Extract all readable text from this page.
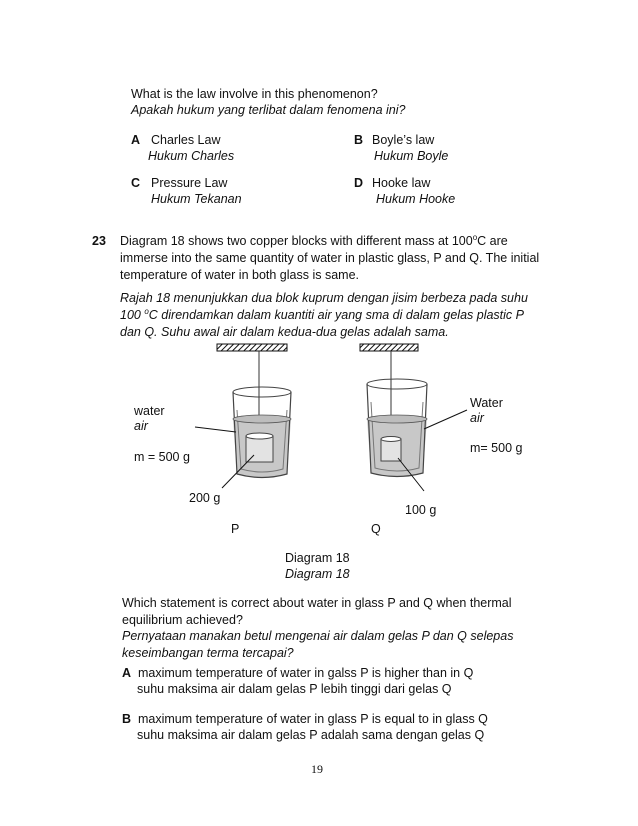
What is the law involve in this phenomenon?
Apakah hukum yang terlibat dalam fenomena ini?
A Charles Law
Hukum Charles
B Boyle’s law
Hukum Boyle
C Pressure Law
Hukum Tekanan
D Hooke law
Hukum Hooke
23 Diagram 18 shows two copper blocks with different mass at 100$^o$C are
immerse into the same quantity of water in plastic glass, P and Q. The initial
temperature of water in both glass is same.
Rajah 18 menunjukkan dua blok kuprum dengan jisim berbeza pada suhu
100 $^o$C direndamkan dalam kuantiti air yang sma di dalam gelas plastic P
dan Q. Suhu awal air dalam kedua-dua gelas adalah sama.
water
air
m = 500 g
200 g
P
Water
air
m= 500 g
100 g
Q
Diagram 18
Diagram 18
Which statement is correct about water in glass P and Q when thermal
equilibrium achieved?
Pernyataan manakan betul mengenai air dalam gelas P dan Q selepas
keseimbangan terma tercapai?
A  maximum temperature of water in galss P is higher than in Q
suhu maksima air dalam gelas P lebih tinggi dari gelas Q
B  maximum temperature of water in glass P is equal to in glass Q
suhu maksima air dalam gelas P adalah sama dengan gelas Q
19
